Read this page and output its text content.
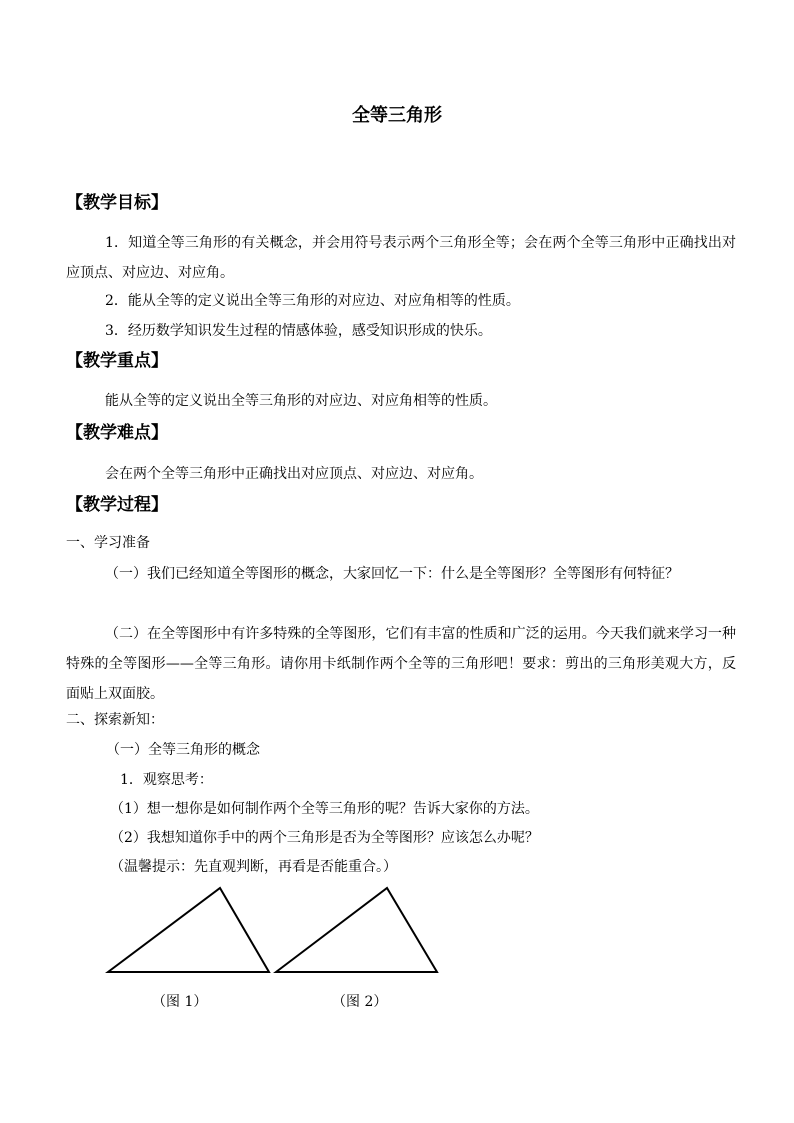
全等三角形
【教学目标】
1．知道全等三角形的有关概念，并会用符号表示两个三角形全等；会在两个全等三角形中正确找出对应顶点、对应边、对应角。
2．能从全等的定义说出全等三角形的对应边、对应角相等的性质。
3．经历数学知识发生过程的情感体验，感受知识形成的快乐。
【教学重点】
能从全等的定义说出全等三角形的对应边、对应角相等的性质。
【教学难点】
会在两个全等三角形中正确找出对应顶点、对应边、对应角。
【教学过程】
一、学习准备
（一）我们已经知道全等图形的概念，大家回忆一下：什么是全等图形？全等图形有何特征？
（二）在全等图形中有许多特殊的全等图形，它们有丰富的性质和广泛的运用。今天我们就来学习一种特殊的全等图形——全等三角形。请你用卡纸制作两个全等的三角形吧！要求：剪出的三角形美观大方，反面贴上双面胶。
二、探索新知：
（一）全等三角形的概念
1．观察思考：
（1）想一想你是如何制作两个全等三角形的呢？告诉大家你的方法。
（2）我想知道你手中的两个三角形是否为全等图形？应该怎么办呢？
（温馨提示：先直观判断，再看是否能重合。）
（图 1）	（图 2）
